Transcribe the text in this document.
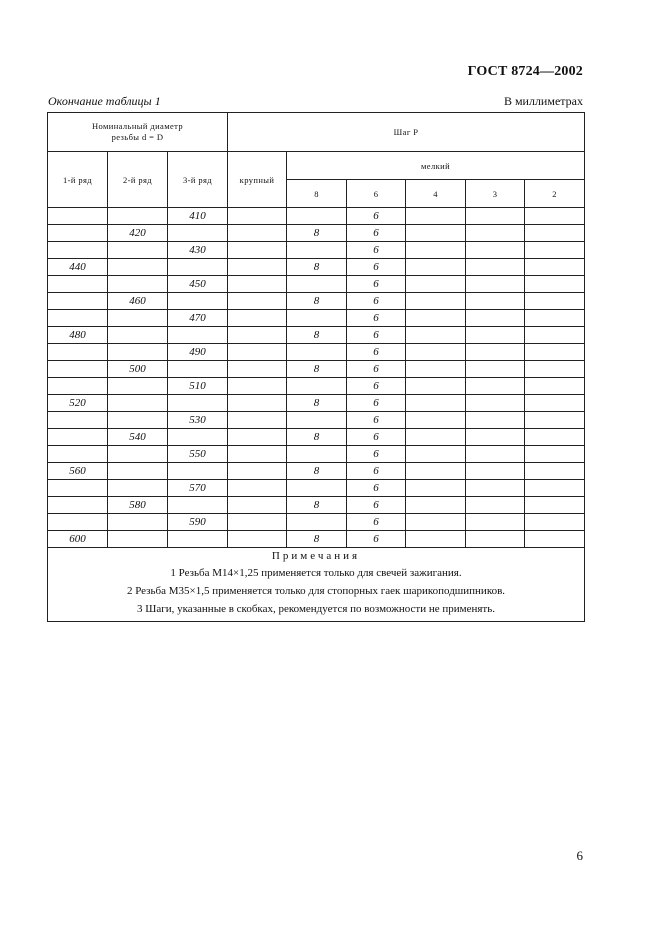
ГОСТ 8724—2002
Окончание таблицы 1	В миллиметрах
Номинальный диаметр
резьбы d = D			Шаг P					
1-й ряд	2-й ряд	3-й ряд	крупный	мелкий				
				8	6	4	3	2
		410			6			
	420			8	6			
		430			6			
440				8	6			
		450			6			
	460			8	6			
		470			6			
480				8	6			
		490			6			
	500			8	6			
		510			6			
520				8	6			
		530			6			
	540			8	6			
		550			6			
560				8	6			
		570			6			
	580			8	6			
		590			6			
600				8	6			

Примечания
1 Резьба М14×1,25 применяется только для свечей зажигания.
2 Резьба М35×1,5 применяется только для стопорных гаек шарикоподшипников.
3 Шаги, указанные в скобках, рекомендуется по возможности не применять.								
6
